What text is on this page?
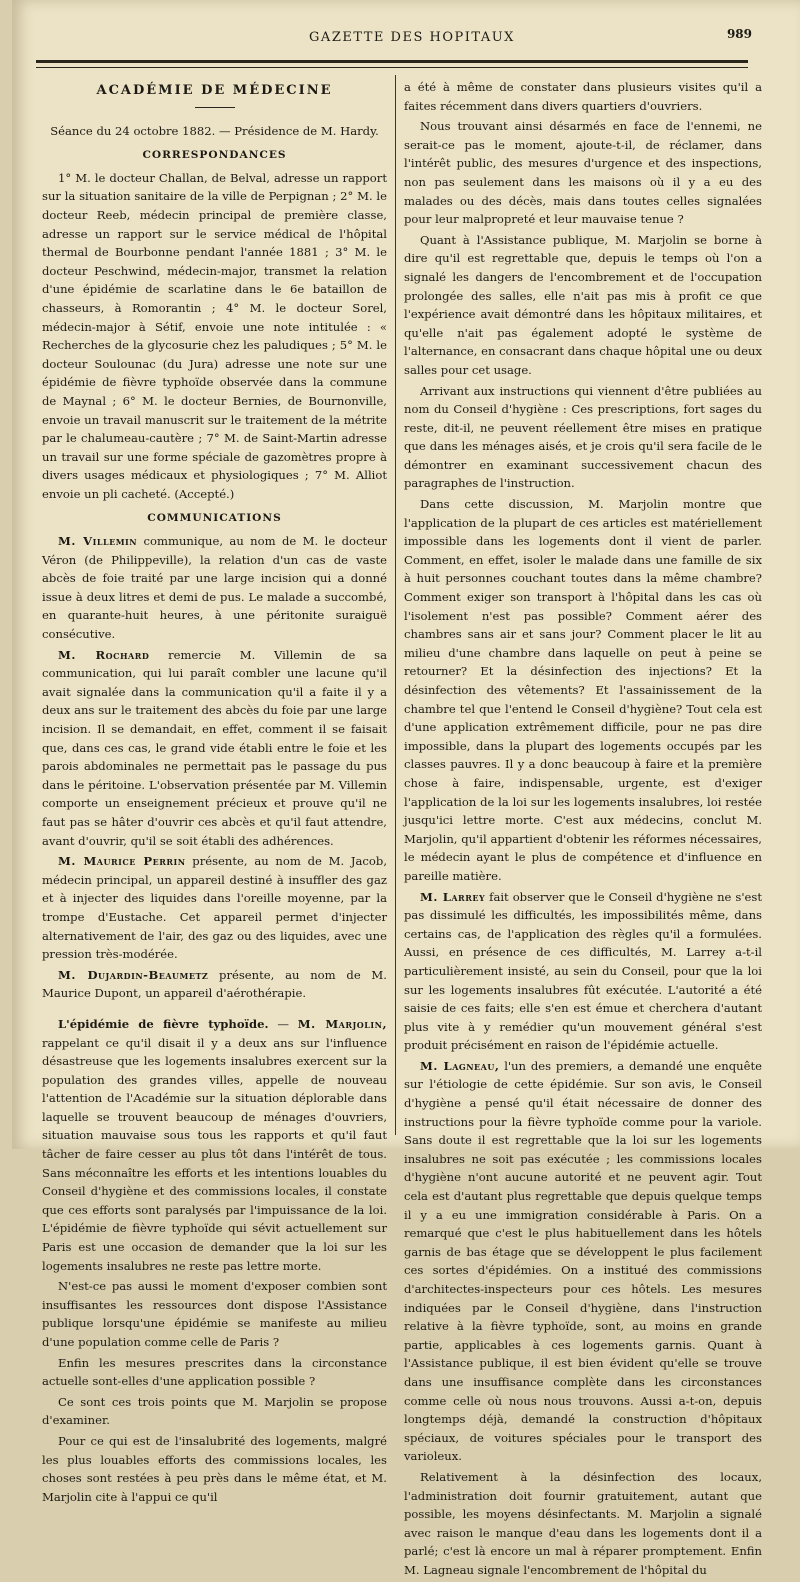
GAZETTE DES HOPITAUX	989
ACADÉMIE DE MÉDECINE
Séance du 24 octobre 1882. — Présidence de M. Hardy.
CORRESPONDANCES

1° M. le docteur Challan, de Belval, adresse un rapport sur la situation sanitaire de la ville de Perpignan ; 2° M. le docteur Reeb, médecin principal de première classe, adresse un rapport sur le service médical de l'hôpital thermal de Bourbonne pendant l'année 1881 ; 3° M. le docteur Peschwind, médecin-major, transmet la relation d'une épidémie de scarlatine dans le 6e bataillon de chasseurs, à Romorantin ; 4° M. le docteur Sorel, médecin-major à Sétif, envoie une note intitulée : « Recherches de la glycosurie chez les paludiques ; 5° M. le docteur Soulounac (du Jura) adresse une note sur une épidémie de fièvre typhoïde observée dans la commune de Maynal ; 6° M. le docteur Bernies, de Bournonville, envoie un travail manuscrit sur le traitement de la métrite par le chalumeau-cautère ; 7° M. de Saint-Martin adresse un travail sur une forme spéciale de gazomètres propre à divers usages médicaux et physiologiques ; 7° M. Alliot envoie un pli cacheté. (Accepté.)

COMMUNICATIONS

M. Villemin communique, au nom de M. le docteur Véron (de Philippeville), la relation d'un cas de vaste abcès de foie traité par une large incision qui a donné issue à deux litres et demi de pus. Le malade a succombé, en quarante-huit heures, à une péritonite suraiguë consécutive.

M. Rochard remercie M. Villemin de sa communication, qui lui paraît combler une lacune qu'il avait signalée dans la communication qu'il a faite il y a deux ans sur le traitement des abcès du foie par une large incision. Il se demandait, en effet, comment il se faisait que, dans ces cas, le grand vide établi entre le foie et les parois abdominales ne permettait pas le passage du pus dans le péritoine. L'observation présentée par M. Villemin comporte un enseignement précieux et prouve qu'il ne faut pas se hâter d'ouvrir ces abcès et qu'il faut attendre, avant d'ouvrir, qu'il se soit établi des adhérences.

M. Maurice Perrin présente, au nom de M. Jacob, médecin principal, un appareil destiné à insuffler des gaz et à injecter des liquides dans l'oreille moyenne, par la trompe d'Eustache. Cet appareil permet d'injecter alternativement de l'air, des gaz ou des liquides, avec une pression très-modérée.

M. Dujardin-Beaumetz présente, au nom de M. Maurice Dupont, un appareil d'aérothérapie.

L'épidémie de fièvre typhoïde. — M. Marjolin, rappelant ce qu'il disait il y a deux ans sur l'influence désastreuse que les logements insalubres exercent sur la population des grandes villes, appelle de nouveau l'attention de l'Académie sur la situation déplorable dans laquelle se trouvent beaucoup de ménages d'ouvriers, situation mauvaise sous tous les rapports et qu'il faut tâcher de faire cesser au plus tôt dans l'intérêt de tous. Sans méconnaître les efforts et les intentions louables du Conseil d'hygiène et des commissions locales, il constate que ces efforts sont paralysés par l'impuissance de la loi. L'épidémie de fièvre typhoïde qui sévit actuellement sur Paris est une occasion de demander que la loi sur les logements insalubres ne reste pas lettre morte.

N'est-ce pas aussi le moment d'exposer combien sont insuffisantes les ressources dont dispose l'Assistance publique lorsqu'une épidémie se manifeste au milieu d'une population comme celle de Paris ?

Enfin les mesures prescrites dans la circonstance actuelle sont-elles d'une application possible ?

Ce sont ces trois points que M. Marjolin se propose d'examiner.

Pour ce qui est de l'insalubrité des logements, malgré les plus louables efforts des commissions locales, les choses sont restées à peu près dans le même état, et M. Marjolin cite à l'appui ce qu'il

a été à même de constater dans plusieurs visites qu'il a faites récemment dans divers quartiers d'ouvriers.

Nous trouvant ainsi désarmés en face de l'ennemi, ne serait-ce pas le moment, ajoute-t-il, de réclamer, dans l'intérêt public, des mesures d'urgence et des inspections, non pas seulement dans les maisons où il y a eu des malades ou des décès, mais dans toutes celles signalées pour leur malpropreté et leur mauvaise tenue ?

Quant à l'Assistance publique, M. Marjolin se borne à dire qu'il est regrettable que, depuis le temps où l'on a signalé les dangers de l'encombrement et de l'occupation prolongée des salles, elle n'ait pas mis à profit ce que l'expérience avait démontré dans les hôpitaux militaires, et qu'elle n'ait pas également adopté le système de l'alternance, en consacrant dans chaque hôpital une ou deux salles pour cet usage.

Arrivant aux instructions qui viennent d'être publiées au nom du Conseil d'hygiène : Ces prescriptions, fort sages du reste, dit-il, ne peuvent réellement être mises en pratique que dans les ménages aisés, et je crois qu'il sera facile de le démontrer en examinant successivement chacun des paragraphes de l'instruction.

Dans cette discussion, M. Marjolin montre que l'application de la plupart de ces articles est matériellement impossible dans les logements dont il vient de parler. Comment, en effet, isoler le malade dans une famille de six à huit personnes couchant toutes dans la même chambre? Comment exiger son transport à l'hôpital dans les cas où l'isolement n'est pas possible? Comment aérer des chambres sans air et sans jour? Comment placer le lit au milieu d'une chambre dans laquelle on peut à peine se retourner? Et la désinfection des injections? Et la désinfection des vêtements? Et l'assainissement de la chambre tel que l'entend le Conseil d'hygiène? Tout cela est d'une application extrêmement difficile, pour ne pas dire impossible, dans la plupart des logements occupés par les classes pauvres. Il y a donc beaucoup à faire et la première chose à faire, indispensable, urgente, est d'exiger l'application de la loi sur les logements insalubres, loi restée jusqu'ici lettre morte. C'est aux médecins, conclut M. Marjolin, qu'il appartient d'obtenir les réformes nécessaires, le médecin ayant le plus de compétence et d'influence en pareille matière.

M. Larrey fait observer que le Conseil d'hygiène ne s'est pas dissimulé les difficultés, les impossibilités même, dans certains cas, de l'application des règles qu'il a formulées. Aussi, en présence de ces difficultés, M. Larrey a-t-il particulièrement insisté, au sein du Conseil, pour que la loi sur les logements insalubres fût exécutée. L'autorité a été saisie de ces faits; elle s'en est émue et cherchera d'autant plus vite à y remédier qu'un mouvement général s'est produit précisément en raison de l'épidémie actuelle.

M. Lagneau, l'un des premiers, a demandé une enquête sur l'étiologie de cette épidémie. Sur son avis, le Conseil d'hygiène a pensé qu'il était nécessaire de donner des instructions pour la fièvre typhoïde comme pour la variole. Sans doute il est regrettable que la loi sur les logements insalubres ne soit pas exécutée ; les commissions locales d'hygiène n'ont aucune autorité et ne peuvent agir. Tout cela est d'autant plus regrettable que depuis quelque temps il y a eu une immigration considérable à Paris. On a remarqué que c'est le plus habituellement dans les hôtels garnis de bas étage que se développent le plus facilement ces sortes d'épidémies. On a institué des commissions d'architectes-inspecteurs pour ces hôtels. Les mesures indiquées par le Conseil d'hygiène, dans l'instruction relative à la fièvre typhoïde, sont, au moins en grande partie, applicables à ces logements garnis. Quant à l'Assistance publique, il est bien évident qu'elle se trouve dans une insuffisance complète dans les circonstances comme celle où nous nous trouvons. Aussi a-t-on, depuis longtemps déjà, demandé la construction d'hôpitaux spéciaux, de voitures spéciales pour le transport des varioleux.

Relativement à la désinfection des locaux, l'administration doit fournir gratuitement, autant que possible, les moyens désinfectants. M. Marjolin a signalé avec raison le manque d'eau dans les logements dont il a parlé; c'est là encore un mal à réparer promptement. Enfin M. Lagneau signale l'encombrement de l'hôpital du
